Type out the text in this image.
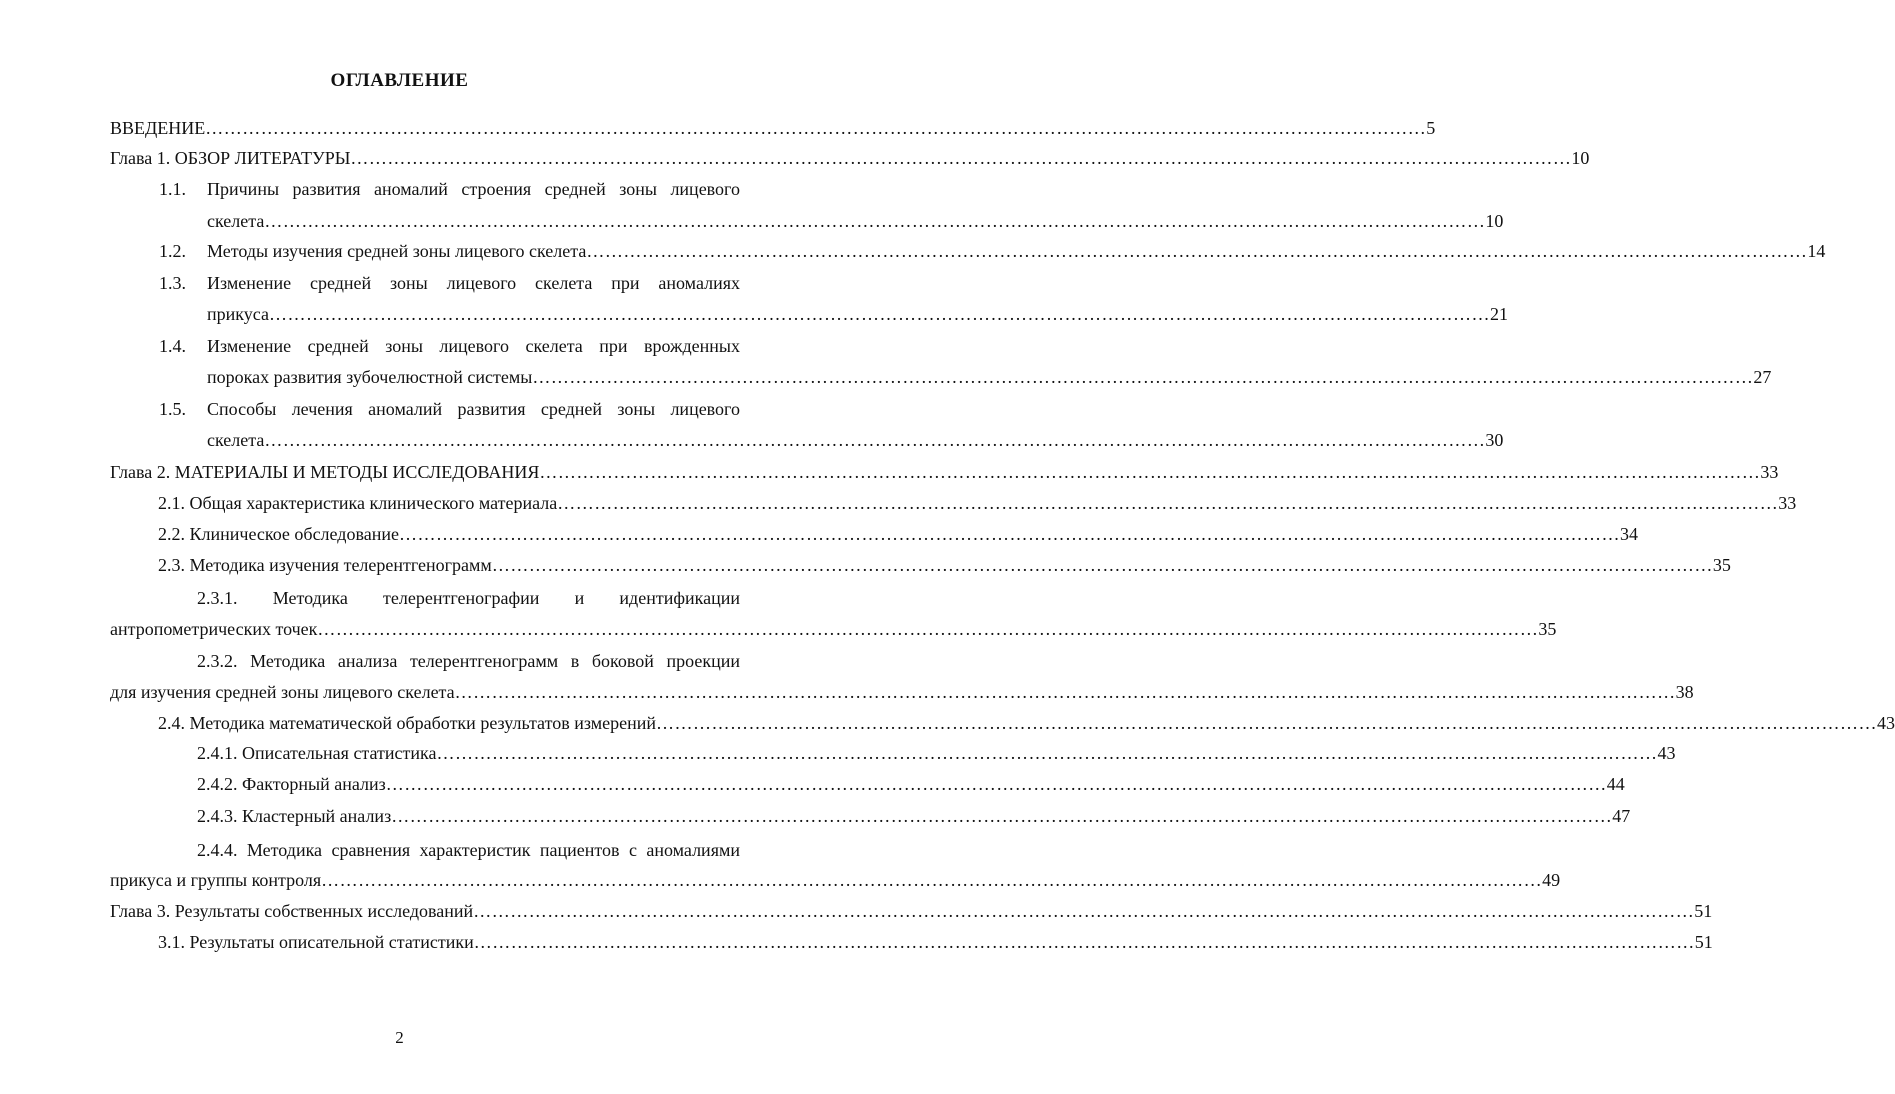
ОГЛАВЛЕНИЕ
ВВЕДЕНИЕ ……………………………………………………………………………………………………………………………………………………………………………… 5
Глава 1. ОБЗОР ЛИТЕРАТУРЫ ……………………………………………………………………………………………………………………………………………………………………………… 10
1.1. Причины развития аномалий строения средней зоны лицевого
скелета ……………………………………………………………………………………………………………………………………………………………………………… 10
1.2. Методы изучения средней зоны лицевого скелета ……………………………………………………………………………………………………………………………………………………………………………… 14
1.3. Изменение средней зоны лицевого скелета при аномалиях
прикуса ……………………………………………………………………………………………………………………………………………………………………………… 21
1.4. Изменение средней зоны лицевого скелета при врожденных
пороках развития зубочелюстной системы ……………………………………………………………………………………………………………………………………………………………………………… 27
1.5. Способы лечения аномалий развития средней зоны лицевого
скелета ……………………………………………………………………………………………………………………………………………………………………………… 30
Глава 2. МАТЕРИАЛЫ И МЕТОДЫ ИССЛЕДОВАНИЯ ……………………………………………………………………………………………………………………………………………………………………………… 33
2.1. Общая характеристика клинического материала ……………………………………………………………………………………………………………………………………………………………………………… 33
2.2. Клиническое обследование ……………………………………………………………………………………………………………………………………………………………………………… 34
2.3. Методика изучения телерентгенограмм ……………………………………………………………………………………………………………………………………………………………………………… 35
2.3.1. Методика телерентгенографии и идентификации
антропометрических точек ……………………………………………………………………………………………………………………………………………………………………………… 35
2.3.2. Методика анализа телерентгенограмм в боковой проекции
для изучения средней зоны лицевого скелета ……………………………………………………………………………………………………………………………………………………………………………… 38
2.4. Методика математической обработки результатов измерений ……………………………………………………………………………………………………………………………………………………………………………… 43
2.4.1. Описательная статистика ……………………………………………………………………………………………………………………………………………………………………………… 43
2.4.2. Факторный анализ ……………………………………………………………………………………………………………………………………………………………………………… 44
2.4.3. Кластерный анализ ……………………………………………………………………………………………………………………………………………………………………………… 47
2.4.4. Методика сравнения характеристик пациентов с аномалиями
прикуса и группы контроля ……………………………………………………………………………………………………………………………………………………………………………… 49
Глава 3. Результаты собственных исследований ……………………………………………………………………………………………………………………………………………………………………………… 51
3.1. Результаты описательной статистики ……………………………………………………………………………………………………………………………………………………………………………… 51
2
